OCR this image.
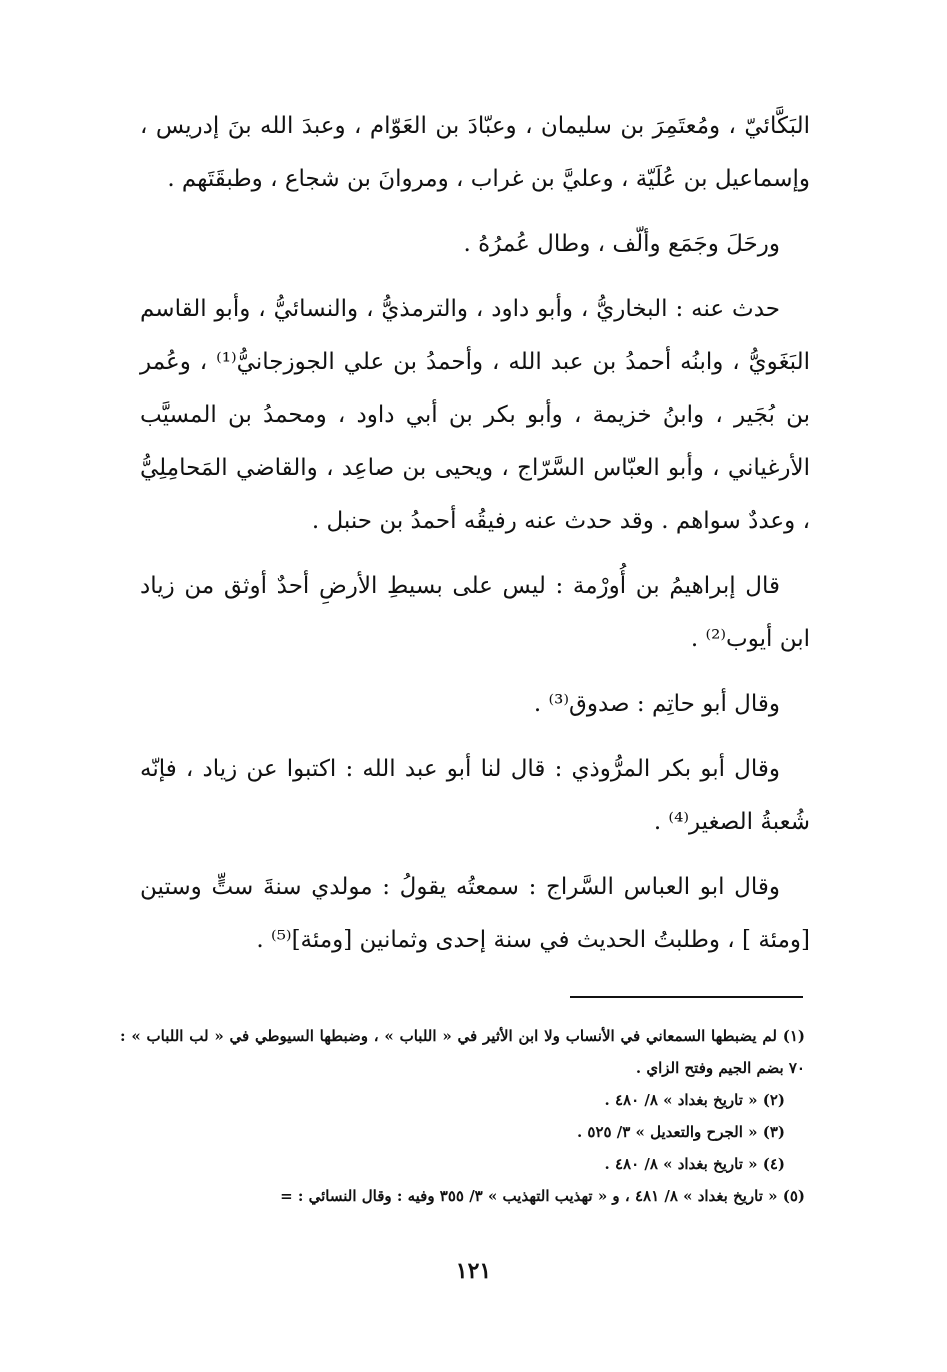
البَكَّائيّ ، ومُعتَمِرَ بن سليمان ، وعبّادَ بن العَوّام ، وعبدَ الله بنَ إدريس ، وإسماعيل بن عُلَيّة ، وعليَّ بن غراب ، ومروانَ بن شجاع ، وطبقَتَهم .

ورحَلَ وجَمَع وألّف ، وطال عُمرُهُ .

حدث عنه : البخاريُّ ، وأبو داود ، والترمذيُّ ، والنسائيُّ ، وأبو القاسم البَغَويُّ ، وابنُه أحمدُ بن عبد الله ، وأحمدُ بن علي الجوزجانيُّ⁽¹⁾ ، وعُمر بن بُجَير ، وابنُ خزيمة ، وأبو بكر بن أبي داود ، ومحمدُ بن المسيَّب الأرغياني ، وأبو العبّاس السَّرّاج ، ويحيى بن صاعِد ، والقاضي المَحامِلِيُّ ، وعددٌ سواهم . وقد حدث عنه رفيقُه أحمدُ بن حنبل .

قال إبراهيمُ بن أُورْمة : ليس على بسيطِ الأرضِ أحدٌ أوثق من زياد ابن أيوب⁽²⁾ .

وقال أبو حاتِم : صدوق⁽³⁾ .

وقال أبو بكر المرُّوذي : قال لنا أبو عبد الله : اكتبوا عن زياد ، فإنّه شُعبةُ الصغير⁽⁴⁾ .

وقال ابو العباس السَّراج : سمعتُه يقولُ : مولدي سنةَ ستٍّ وستين [ومئة ] ، وطلبتُ الحديث في سنة إحدى وثمانين [ومئة]⁽⁵⁾ .

(١) لم يضبطها السمعاني في الأنساب ولا ابن الأثير في « اللباب » ، وضبطها السيوطي في « لب اللباب » : ٧٠ بضم الجيم وفتح الزاي .

(٢) « تاريخ بغداد » ٨/ ٤٨٠ .

(٣) « الجرح والتعديل » ٣/ ٥٢٥ .

(٤) « تاريخ بغداد » ٨/ ٤٨٠ .

(٥) « تاريخ بغداد » ٨/ ٤٨١ ، و « تهذيب التهذيب » ٣/ ٣٥٥ وفيه : وقال النسائي : =

١٢١
